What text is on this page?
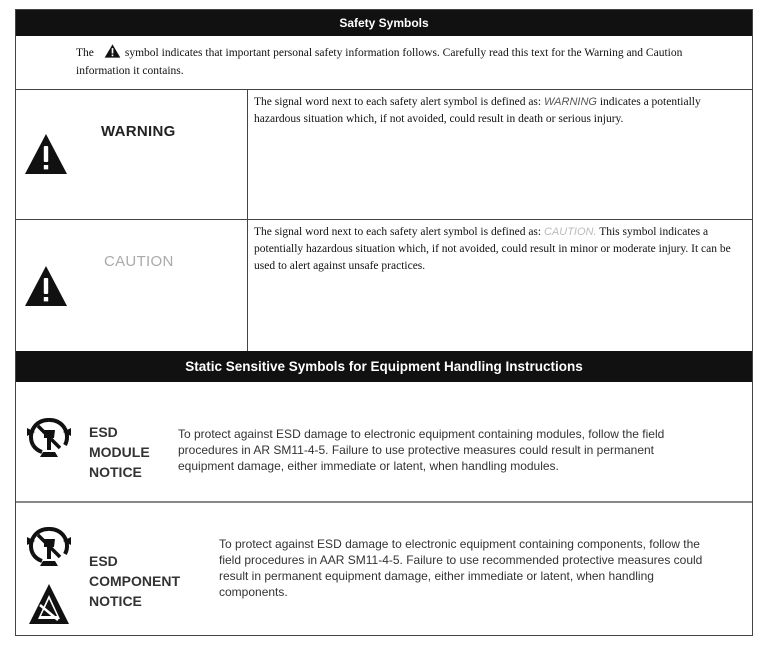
Safety Symbols
The	symbol indicates that important personal safety information follows. Carefully read this text for the Warning and Caution information it contains.
WARNING
The signal word next to each safety alert symbol is defined as: WARNING indicates a potentially hazardous situation which, if not avoided, could result in death or serious injury.
CAUTION
The signal word next to each safety alert symbol is defined as: CAUTION. This symbol indicates a potentially hazardous situation which, if not avoided, could result in minor or moderate injury. It can be used to alert against unsafe practices.
Static Sensitive Symbols for Equipment Handling Instructions
ESD
MODULE
NOTICE
To protect against ESD damage to electronic equipment containing modules, follow the field procedures in AR SM11-4-5. Failure to use protective measures could result in permanent equipment damage, either immediate or latent, when handling modules.
ESD
COMPONENT
NOTICE
To protect against ESD damage to electronic equipment containing components, follow the field procedures in AAR SM11-4-5. Failure to use recommended protective measures could result in permanent equipment damage, either immediate or latent, when handling components.
